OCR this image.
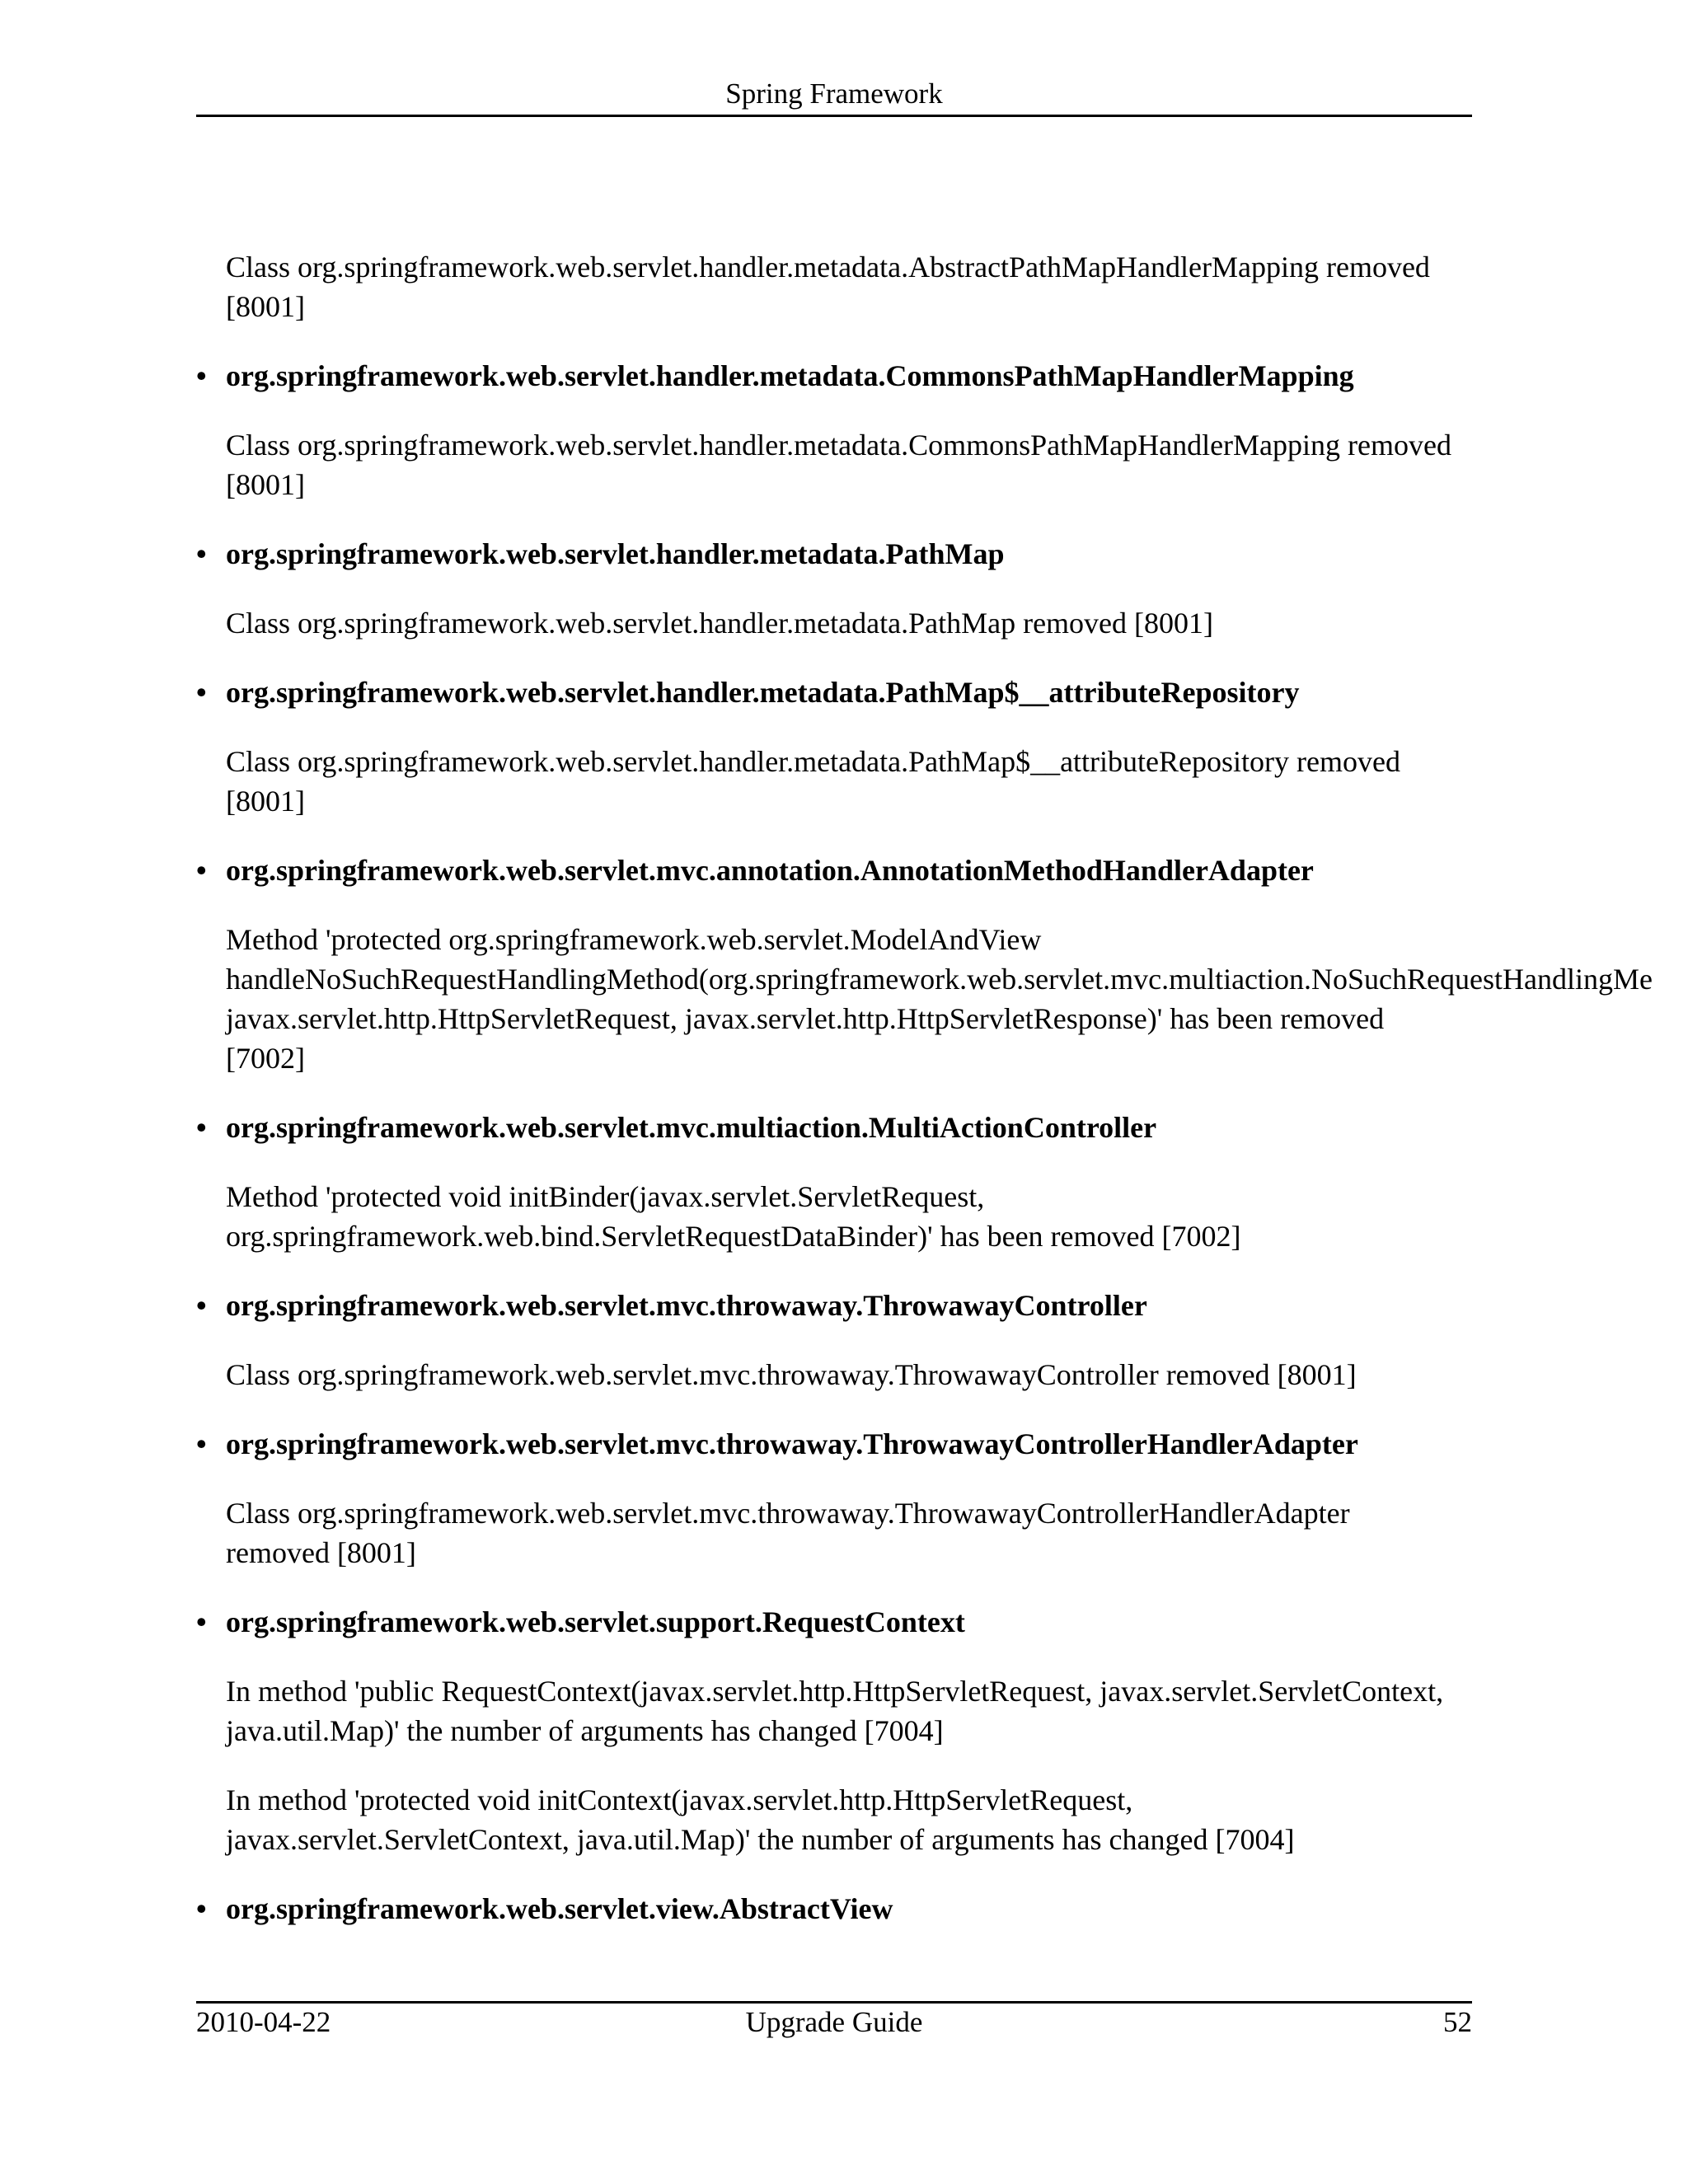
Spring Framework

Class org.springframework.web.servlet.handler.metadata.AbstractPathMapHandlerMapping removed
[8001]

• org.springframework.web.servlet.handler.metadata.CommonsPathMapHandlerMapping

Class org.springframework.web.servlet.handler.metadata.CommonsPathMapHandlerMapping removed
[8001]

• org.springframework.web.servlet.handler.metadata.PathMap

Class org.springframework.web.servlet.handler.metadata.PathMap removed [8001]

• org.springframework.web.servlet.handler.metadata.PathMap$__attributeRepository

Class org.springframework.web.servlet.handler.metadata.PathMap$__attributeRepository removed
[8001]

• org.springframework.web.servlet.mvc.annotation.AnnotationMethodHandlerAdapter

Method 'protected org.springframework.web.servlet.ModelAndView
handleNoSuchRequestHandlingMethod(org.springframework.web.servlet.mvc.multiaction.NoSuchRequestHandlingMe
javax.servlet.http.HttpServletRequest, javax.servlet.http.HttpServletResponse)' has been removed
[7002]

• org.springframework.web.servlet.mvc.multiaction.MultiActionController

Method 'protected void initBinder(javax.servlet.ServletRequest,
org.springframework.web.bind.ServletRequestDataBinder)' has been removed [7002]

• org.springframework.web.servlet.mvc.throwaway.ThrowawayController

Class org.springframework.web.servlet.mvc.throwaway.ThrowawayController removed [8001]

• org.springframework.web.servlet.mvc.throwaway.ThrowawayControllerHandlerAdapter

Class org.springframework.web.servlet.mvc.throwaway.ThrowawayControllerHandlerAdapter
removed [8001]

• org.springframework.web.servlet.support.RequestContext

In method 'public RequestContext(javax.servlet.http.HttpServletRequest, javax.servlet.ServletContext,
java.util.Map)' the number of arguments has changed [7004]

In method 'protected void initContext(javax.servlet.http.HttpServletRequest,
javax.servlet.ServletContext, java.util.Map)' the number of arguments has changed [7004]

• org.springframework.web.servlet.view.AbstractView

2010-04-22	Upgrade Guide	52
